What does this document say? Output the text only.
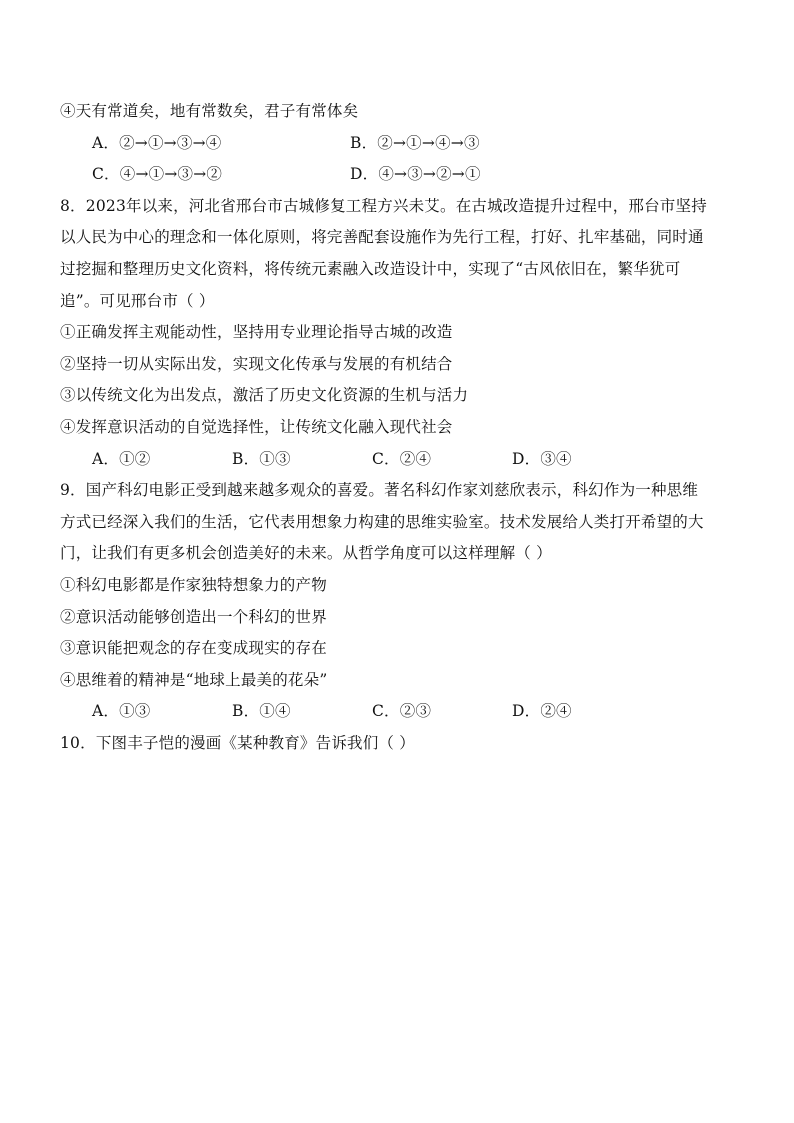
④天有常道矣，地有常数矣，君子有常体矣
A．②→①→③→④	B．②→①→④→③
C．④→①→③→②	D．④→③→②→①
8．2023年以来，河北省邢台市古城修复工程方兴未艾。在古城改造提升过程中，邢台市坚持
以人民为中心的理念和一体化原则，将完善配套设施作为先行工程，打好、扎牢基础，同时通
过挖掘和整理历史文化资料，将传统元素融入改造设计中，实现了“古风依旧在，繁华犹可
追”。可见邢台市（ ）
①正确发挥主观能动性，坚持用专业理论指导古城的改造
②坚持一切从实际出发，实现文化传承与发展的有机结合
③以传统文化为出发点，激活了历史文化资源的生机与活力
④发挥意识活动的自觉选择性，让传统文化融入现代社会
A．①②	B．①③	C．②④	D．③④
9．国产科幻电影正受到越来越多观众的喜爱。著名科幻作家刘慈欣表示，科幻作为一种思维
方式已经深入我们的生活，它代表用想象力构建的思维实验室。技术发展给人类打开希望的大
门，让我们有更多机会创造美好的未来。从哲学角度可以这样理解（ ）
①科幻电影都是作家独特想象力的产物
②意识活动能够创造出一个科幻的世界
③意识能把观念的存在变成现实的存在
④思维着的精神是“地球上最美的花朵”
A．①③	B．①④	C．②③	D．②④
10．下图丰子恺的漫画《某种教育》告诉我们（ ）
